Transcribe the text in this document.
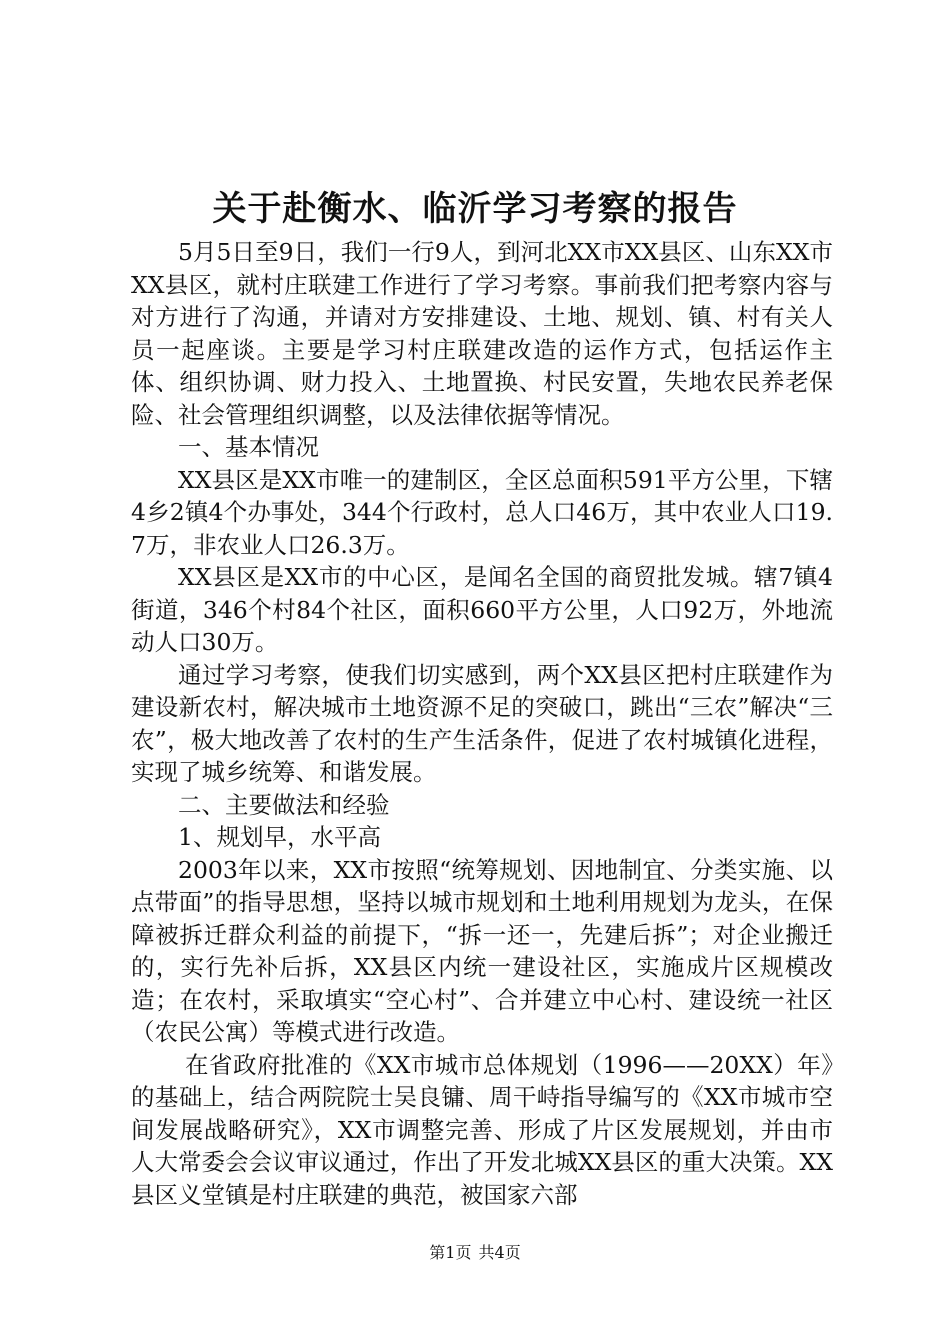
关于赴衡水、临沂学习考察的报告

5月5日至9日，我们一行9人，到河北XX市XX县区、山东XX市XX县区，就村庄联建工作进行了学习考察。事前我们把考察内容与对方进行了沟通，并请对方安排建设、土地、规划、镇、村有关人员一起座谈。主要是学习村庄联建改造的运作方式，包括运作主体、组织协调、财力投入、土地置换、村民安置，失地农民养老保险、社会管理组织调整，以及法律依据等情况。

一、基本情况

XX县区是XX市唯一的建制区，全区总面积591平方公里，下辖4乡2镇4个办事处，344个行政村，总人口46万，其中农业人口19.7万，非农业人口26.3万。

XX县区是XX市的中心区，是闻名全国的商贸批发城。辖7镇4街道，346个村84个社区，面积660平方公里，人口92万，外地流动人口30万。

通过学习考察，使我们切实感到，两个XX县区把村庄联建作为建设新农村，解决城市土地资源不足的突破口，跳出“三农”解决“三农”，极大地改善了农村的生产生活条件，促进了农村城镇化进程，实现了城乡统筹、和谐发展。

二、主要做法和经验

1、规划早，水平高

2003年以来，XX市按照“统筹规划、因地制宜、分类实施、以点带面”的指导思想，坚持以城市规划和土地利用规划为龙头，在保障被拆迁群众利益的前提下，“拆一还一，先建后拆”；对企业搬迁的，实行先补后拆，XX县区内统一建设社区，实施成片区规模改造；在农村，采取填实“空心村”、合并建立中心村、建设统一社区（农民公寓）等模式进行改造。

在省政府批准的《XX市城市总体规划（1996——20XX）年》的基础上，结合两院院士吴良镛、周干峙指导编写的《XX市城市空间发展战略研究》，XX市调整完善、形成了片区发展规划，并由市人大常委会会议审议通过，作出了开发北城XX县区的重大决策。XX县区义堂镇是村庄联建的典范，被国家六部

第1页 共4页
